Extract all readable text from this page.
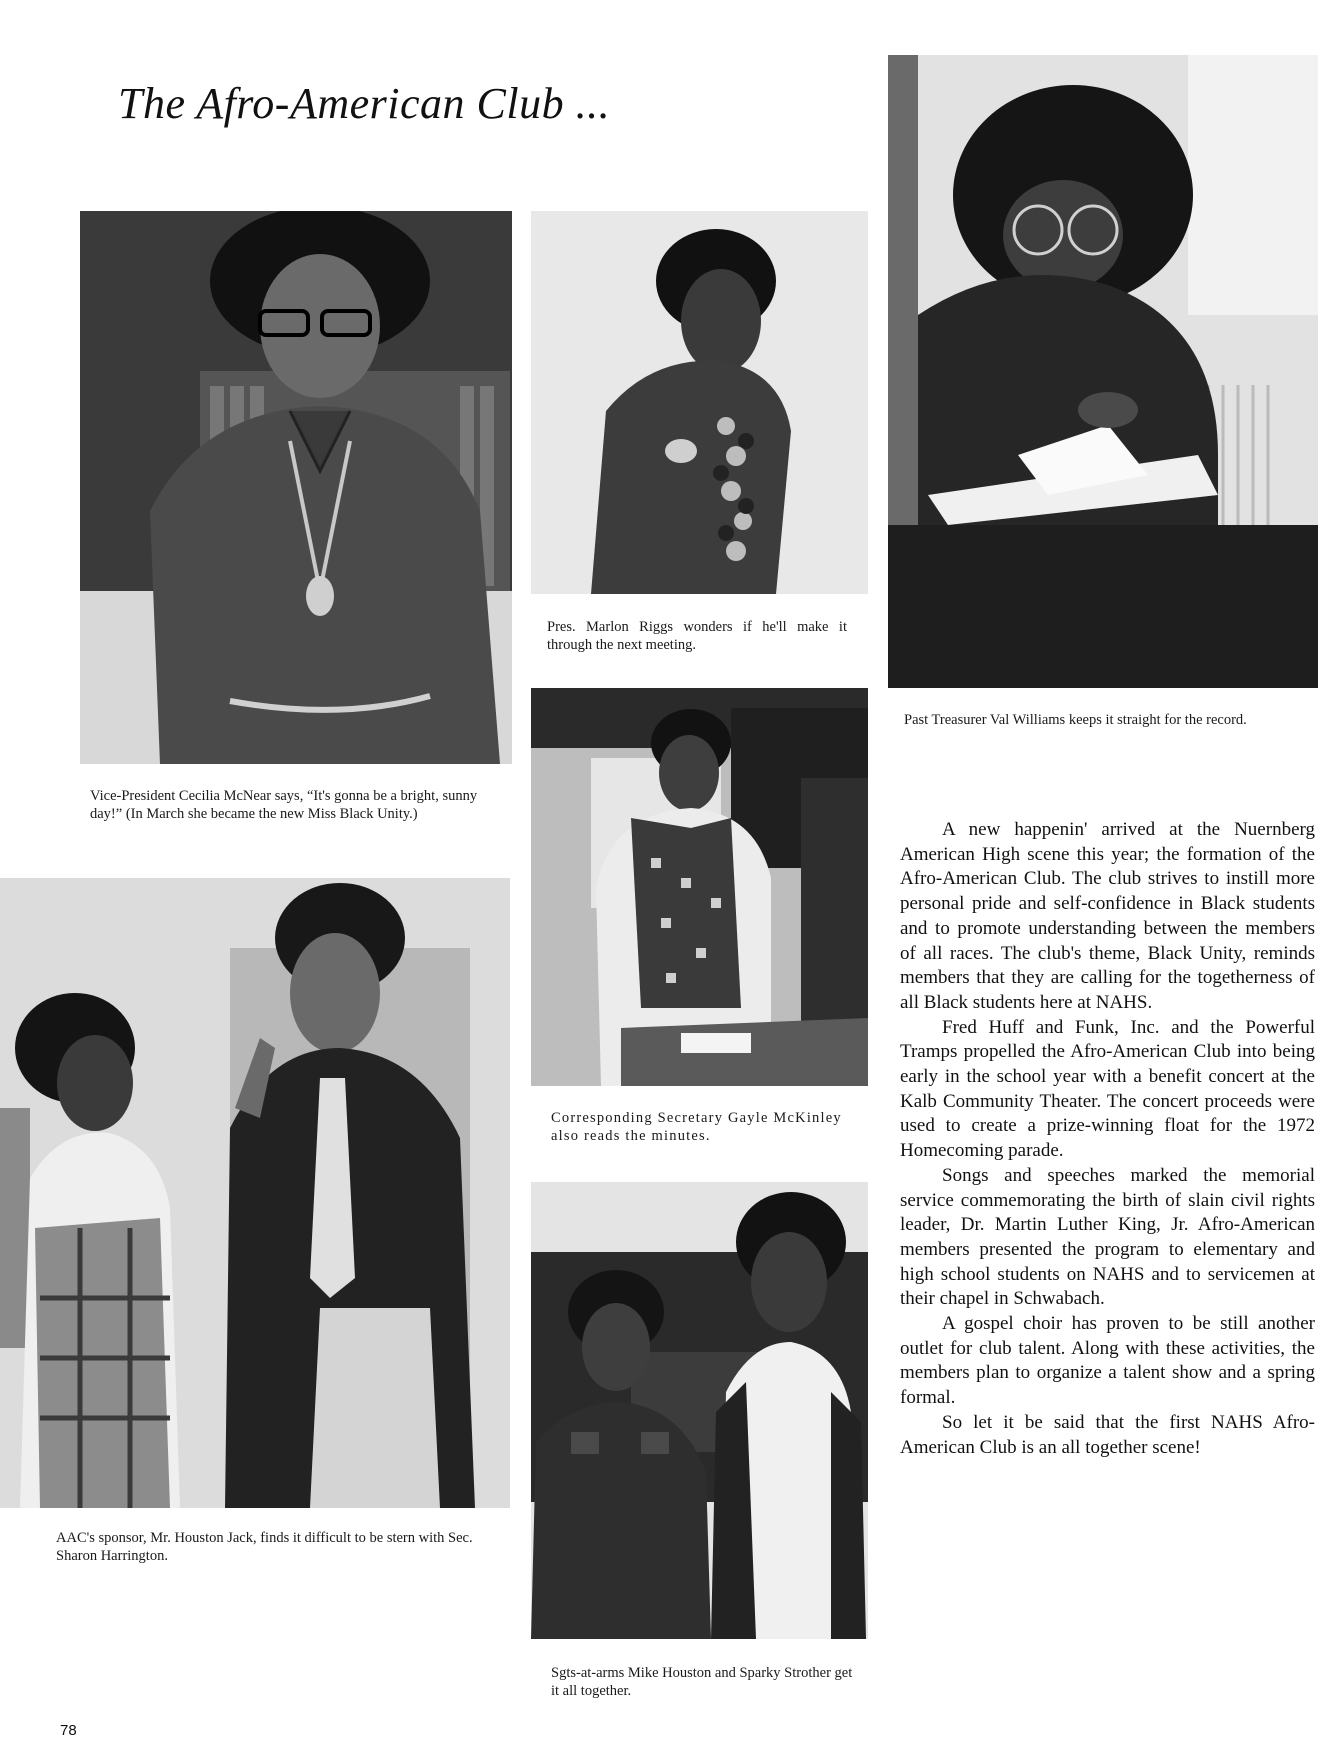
The Afro-American Club ...

Vice-President Cecilia McNear says, “It's gonna be a bright, sunny day!” (In March she became the new Miss Black Unity.)

Pres. Marlon Riggs wonders if he'll make it through the next meeting.

Past Treasurer Val Williams keeps it straight for the record.

Corresponding Secretary Gayle McKinley also reads the minutes.

AAC's sponsor, Mr. Houston Jack, finds it difficult to be stern with Sec. Sharon Harrington.

Sgts-at-arms Mike Houston and Sparky Strother get it all together.

A new happenin' arrived at the Nuernberg American High scene this year; the formation of the Afro-American Club. The club strives to instill more personal pride and self-confidence in Black students and to promote understanding between the members of all races. The club's theme, Black Unity, reminds members that they are calling for the togetherness of all Black students here at NAHS.

Fred Huff and Funk, Inc. and the Powerful Tramps propelled the Afro-American Club into being early in the school year with a benefit concert at the Kalb Community Theater. The concert proceeds were used to create a prize-winning float for the 1972 Homecoming parade.

Songs and speeches marked the memorial service commemorating the birth of slain civil rights leader, Dr. Martin Luther King, Jr. Afro-American members presented the program to elementary and high school students on NAHS and to servicemen at their chapel in Schwabach.

A gospel choir has proven to be still another outlet for club talent. Along with these activities, the members plan to organize a talent show and a spring formal.

So let it be said that the first NAHS Afro-American Club is an all together scene!

78
